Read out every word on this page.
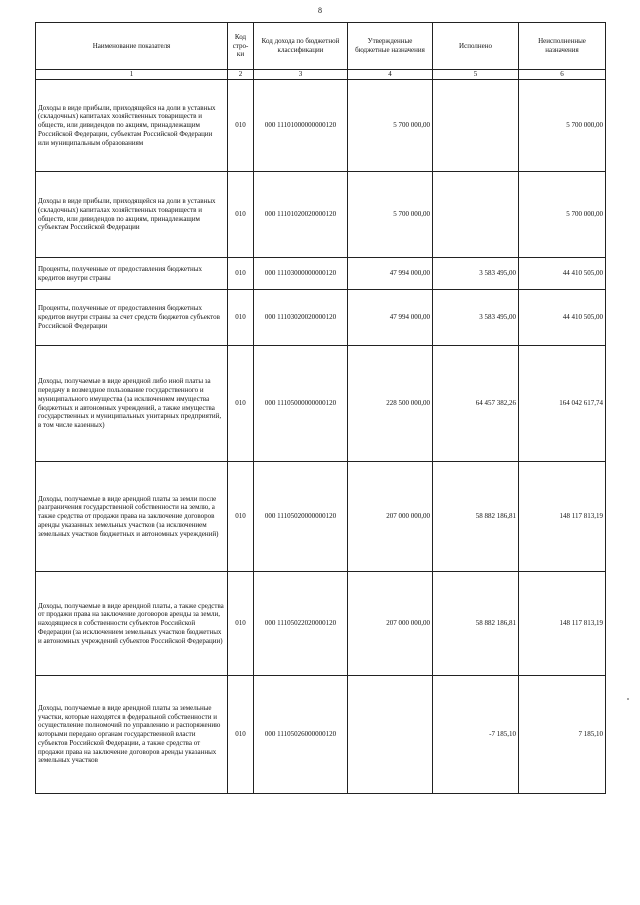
8
Наименование показателя	Код стро-ки	Код дохода по бюджетной классификации	Утвержденные бюджетные назначения	Исполнено	Неисполненные назначения
1	2	3	4	5	6
Доходы в виде прибыли, приходящейся на доли в уставных (складочных) капиталах хозяйственных товариществ и обществ, или дивидендов по акциям, принадлежащим Российской Федерации, субъектам Российской Федерации или муниципальным образованиям	010	000 11101000000000120	5 700 000,00		5 700 000,00
Доходы в виде прибыли, приходящейся на доли в уставных (складочных) капиталах хозяйственных товариществ и обществ, или дивидендов по акциям, принадлежащим субъектам Российской Федерации	010	000 11101020020000120	5 700 000,00		5 700 000,00
Проценты, полученные от предоставления бюджетных кредитов внутри страны	010	000 11103000000000120	47 994 000,00	3 583 495,00	44 410 505,00
Проценты, полученные от предоставления бюджетных кредитов внутри страны за счет средств бюджетов субъектов Российской Федерации	010	000 11103020020000120	47 994 000,00	3 583 495,00	44 410 505,00
Доходы, получаемые в виде арендной либо иной платы за передачу в возмездное пользование государственного и муниципального имущества (за исключением имущества бюджетных и автономных учреждений, а также имущества государственных и муниципальных унитарных предприятий, в том числе казенных)	010	000 11105000000000120	228 500 000,00	64 457 382,26	164 042 617,74
Доходы, получаемые в виде арендной платы за земли после разграничения государственной собственности на землю, а также средства от продажи права на заключение договоров аренды указанных земельных участков (за исключением земельных участков бюджетных и автономных учреждений)	010	000 11105020000000120	207 000 000,00	58 882 186,81	148 117 813,19
Доходы, получаемые в виде арендной платы, а также средства от продажи права на заключение договоров аренды за земли, находящиеся в собственности субъектов Российской Федерации (за исключением земельных участков бюджетных и автономных учреждений субъектов Российской Федерации)	010	000 11105022020000120	207 000 000,00	58 882 186,81	148 117 813,19
Доходы, получаемые в виде арендной платы за земельные участки, которые находятся в федеральной собственности и осуществление полномочий по управлению и распоряжению которыми передано органам государственной власти субъектов Российской Федерации, а также средства от продажи права на заключение договоров аренды указанных земельных участков	010	000 11105026000000120		-7 185,10	7 185,10
